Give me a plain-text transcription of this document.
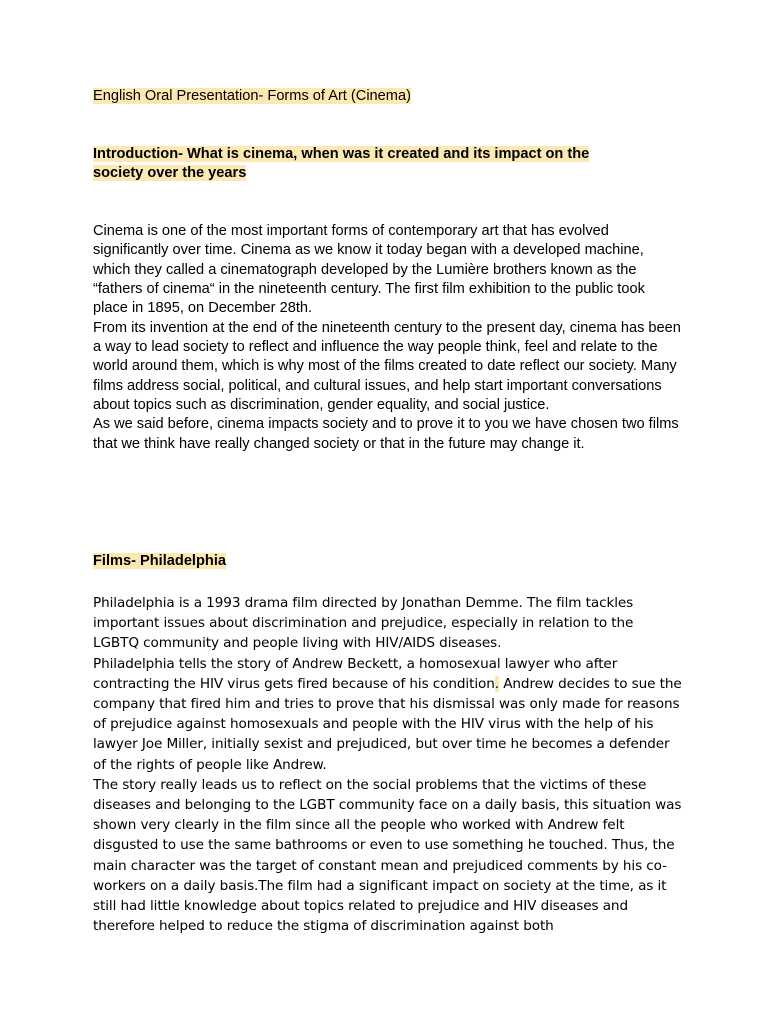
English Oral Presentation- Forms of Art (Cinema)
Introduction- What is cinema, when was it created and its impact on the
society over the years

Cinema is one of the most important forms of contemporary art that has evolved significantly over time. Cinema as we know it today began with a developed machine, which they called a cinematograph developed by the Lumière brothers known as the “fathers of cinema“ in the nineteenth century. The first film exhibition to the public took place in 1895, on December 28th.

From its invention at the end of the nineteenth century to the present day, cinema has been a way to lead society to reflect and influence the way people think, feel and relate to the world around them, which is why most of the films created to date reflect our society. Many films address social, political, and cultural issues, and help start important conversations about topics such as discrimination, gender equality, and social justice.

As we said before, cinema impacts society and to prove it to you we have chosen two films that we think have really changed society or that in the future may change it.

Films- Philadelphia

Philadelphia is a 1993 drama film directed by Jonathan Demme. The film tackles important issues about discrimination and prejudice, especially in relation to the LGBTQ community and people living with HIV/AIDS diseases.

Philadelphia tells the story of Andrew Beckett, a homosexual lawyer who after contracting the HIV virus gets fired because of his condition. Andrew decides to sue the company that fired him and tries to prove that his dismissal was only made for reasons of prejudice against homosexuals and people with the HIV virus with the help of his lawyer Joe Miller, initially sexist and prejudiced, but over time he becomes a defender of the rights of people like Andrew.

The story really leads us to reflect on the social problems that the victims of these diseases and belonging to the LGBT community face on a daily basis, this situation was shown very clearly in the film since all the people who worked with Andrew felt disgusted to use the same bathrooms or even to use something he touched. Thus, the main character was the target of constant mean and prejudiced comments by his co-workers on a daily basis.The film had a significant impact on society at the time, as it still had little knowledge about topics related to prejudice and HIV diseases and therefore helped to reduce the stigma of discrimination against both
